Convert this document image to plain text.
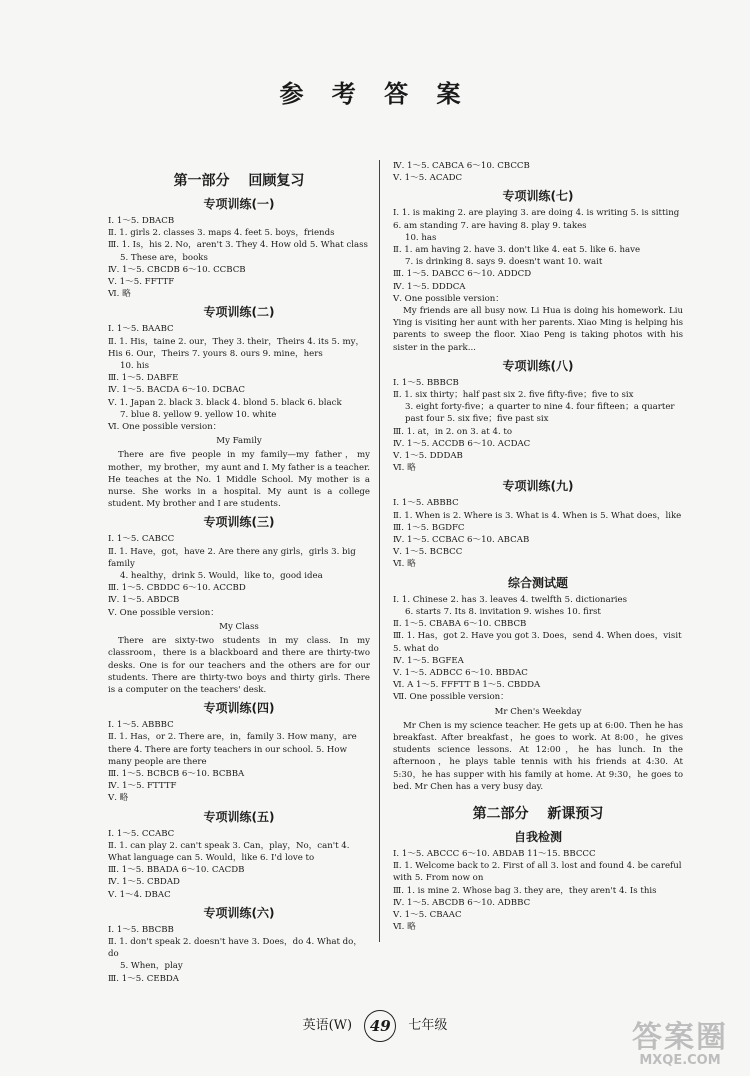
参 考 答 案
第一部分 回顾复习
专项训练(一)
Ⅰ. 1～5. DBACB
Ⅱ. 1. girls 2. classes 3. maps 4. feet 5. boys，friends
Ⅲ. 1. Is，his 2. No，aren't 3. They 4. How old 5. What class
5. These are，books
Ⅳ. 1～5. CBCDB 6～10. CCBCB
Ⅴ. 1～5. FFTTF
Ⅵ. 略
专项训练(二)
Ⅰ. 1～5. BAABC
Ⅱ. 1. His，taine 2. our，They 3. their，Theirs 4. its 5. my，His 6. Our，Theirs 7. yours 8. ours 9. mine，hers
10. his
Ⅲ. 1～5. DABFE
Ⅳ. 1～5. BACDA 6～10. DCBAC
Ⅴ. 1. Japan 2. black 3. black 4. blond 5. black 6. black
7. blue 8. yellow 9. yellow 10. white
Ⅵ. One possible version：
My Family
There are five people in my family—my father，my mother，my brother，my aunt and I. My father is a teacher. He teaches at the No. 1 Middle School. My mother is a nurse. She works in a hospital. My aunt is a college student. My brother and I are students.
专项训练(三)
Ⅰ. 1～5. CABCC
Ⅱ. 1. Have，got，have 2. Are there any girls，girls 3. big family
4. healthy，drink 5. Would，like to，good idea
Ⅲ. 1～5. CBDDC 6～10. ACCBD
Ⅳ. 1～5. ABDCB
Ⅴ. One possible version：
My Class
There are sixty-two students in my class. In my classroom，there is a blackboard and there are thirty-two desks. One is for our teachers and the others are for our students. There are thirty-two boys and thirty girls. There is a computer on the teachers' desk.
专项训练(四)
Ⅰ. 1～5. ABBBC
Ⅱ. 1. Has，or 2. There are，in，family 3. How many，are there 4. There are forty teachers in our school. 5. How many people are there
Ⅲ. 1～5. BCBCB 6～10. BCBBA
Ⅳ. 1～5. FTTTF
Ⅴ. 略
专项训练(五)
Ⅰ. 1～5. CCABC
Ⅱ. 1. can play 2. can't speak 3. Can，play，No，can't 4. What language can 5. Would，like 6. I'd love to
Ⅲ. 1～5. BBADA 6～10. CACDB
Ⅳ. 1～5. CBDAD
Ⅴ. 1～4. DBAC
专项训练(六)
Ⅰ. 1～5. BBCBB
Ⅱ. 1. don't speak 2. doesn't have 3. Does，do 4. What do，do
5. When，play
Ⅲ. 1～5. CEBDA
Ⅳ. 1～5. CABCA 6～10. CBCCB
Ⅴ. 1～5. ACADC
专项训练(七)
Ⅰ. 1. is making 2. are playing 3. are doing 4. is writing 5. is sitting 6. am standing 7. are having 8. play 9. takes
10. has
Ⅱ. 1. am having 2. have 3. don't like 4. eat 5. like 6. have
7. is drinking 8. says 9. doesn't want 10. wait
Ⅲ. 1～5. DABCC 6～10. ADDCD
Ⅳ. 1～5. DDDCA
Ⅴ. One possible version：
My friends are all busy now. Li Hua is doing his homework. Liu Ying is visiting her aunt with her parents. Xiao Ming is helping his parents to sweep the floor. Xiao Peng is taking photos with his sister in the park...
专项训练(八)
Ⅰ. 1～5. BBBCB
Ⅱ. 1. six thirty；half past six 2. five fifty-five；five to six
3. eight forty-five；a quarter to nine 4. four fifteen；a quarter past four 5. six five；five past six
Ⅲ. 1. at，in 2. on 3. at 4. to
Ⅳ. 1～5. ACCDB 6～10. ACDAC
Ⅴ. 1～5. DDDAB
Ⅵ. 略
专项训练(九)
Ⅰ. 1～5. ABBBC
Ⅱ. 1. When is 2. Where is 3. What is 4. When is 5. What does，like
Ⅲ. 1～5. BGDFC
Ⅳ. 1～5. CCBAC 6～10. ABCAB
Ⅴ. 1～5. BCBCC
Ⅵ. 略
综合测试题
Ⅰ. 1. Chinese 2. has 3. leaves 4. twelfth 5. dictionaries
6. starts 7. Its 8. invitation 9. wishes 10. first
Ⅱ. 1～5. CBABA 6～10. CBBCB
Ⅲ. 1. Has，got 2. Have you got 3. Does，send 4. When does，visit 5. what do
Ⅳ. 1～5. BGFEA
Ⅴ. 1～5. ADBCC 6～10. BBDAC
Ⅵ. A 1～5. FFFTT B 1～5. CBDDA
Ⅶ. One possible version：
Mr Chen's Weekday
Mr Chen is my science teacher. He gets up at 6:00. Then he has breakfast. After breakfast，he goes to work. At 8:00，he gives students science lessons. At 12:00，he has lunch. In the afternoon，he plays table tennis with his friends at 4:30. At 5:30，he has supper with his family at home. At 9:30，he goes to bed. Mr Chen has a very busy day.
第二部分 新课预习
自我检测
Ⅰ. 1～5. ABCCC 6～10. ABDAB 11～15. BBCCC
Ⅱ. 1. Welcome back to 2. First of all 3. lost and found 4. be careful with 5. From now on
Ⅲ. 1. is mine 2. Whose bag 3. they are，they aren't 4. Is this
Ⅳ. 1～5. ABCDB 6～10. ADBBC
Ⅴ. 1～5. CBAAC
Ⅵ. 略
英语(W) 49 七年级	答案圈
MXQE.COM
